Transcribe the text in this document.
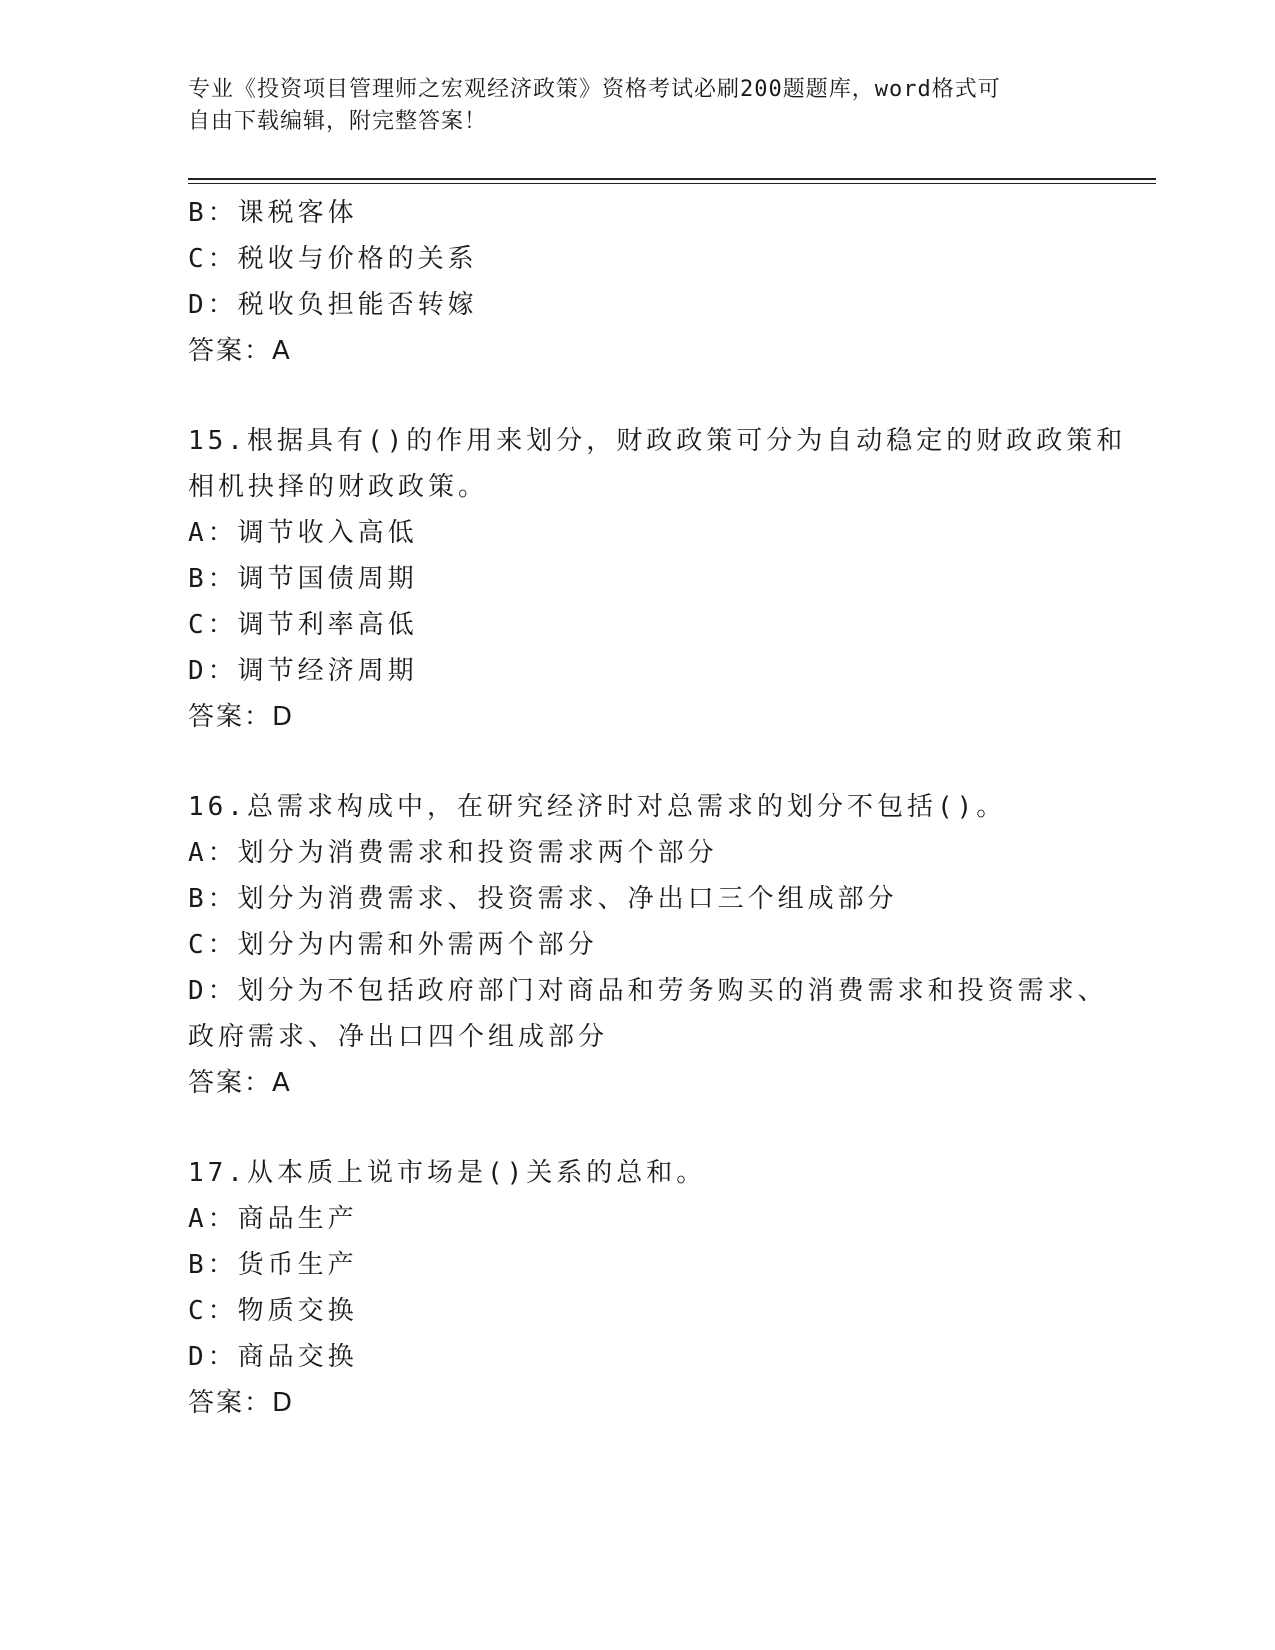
专业《投资项目管理师之宏观经济政策》资格考试必刷200题题库，word格式可
自由下载编辑，附完整答案！
B：课税客体
C：税收与价格的关系
D：税收负担能否转嫁
答案：A
15.根据具有()的作用来划分，财政政策可分为自动稳定的财政政策和
相机抉择的财政政策。
A：调节收入高低
B：调节国债周期
C：调节利率高低
D：调节经济周期
答案：D
16.总需求构成中，在研究经济时对总需求的划分不包括()。
A：划分为消费需求和投资需求两个部分
B：划分为消费需求、投资需求、净出口三个组成部分
C：划分为内需和外需两个部分
D：划分为不包括政府部门对商品和劳务购买的消费需求和投资需求、
政府需求、净出口四个组成部分
答案：A
17.从本质上说市场是()关系的总和。
A：商品生产
B：货币生产
C：物质交换
D：商品交换
答案：D
